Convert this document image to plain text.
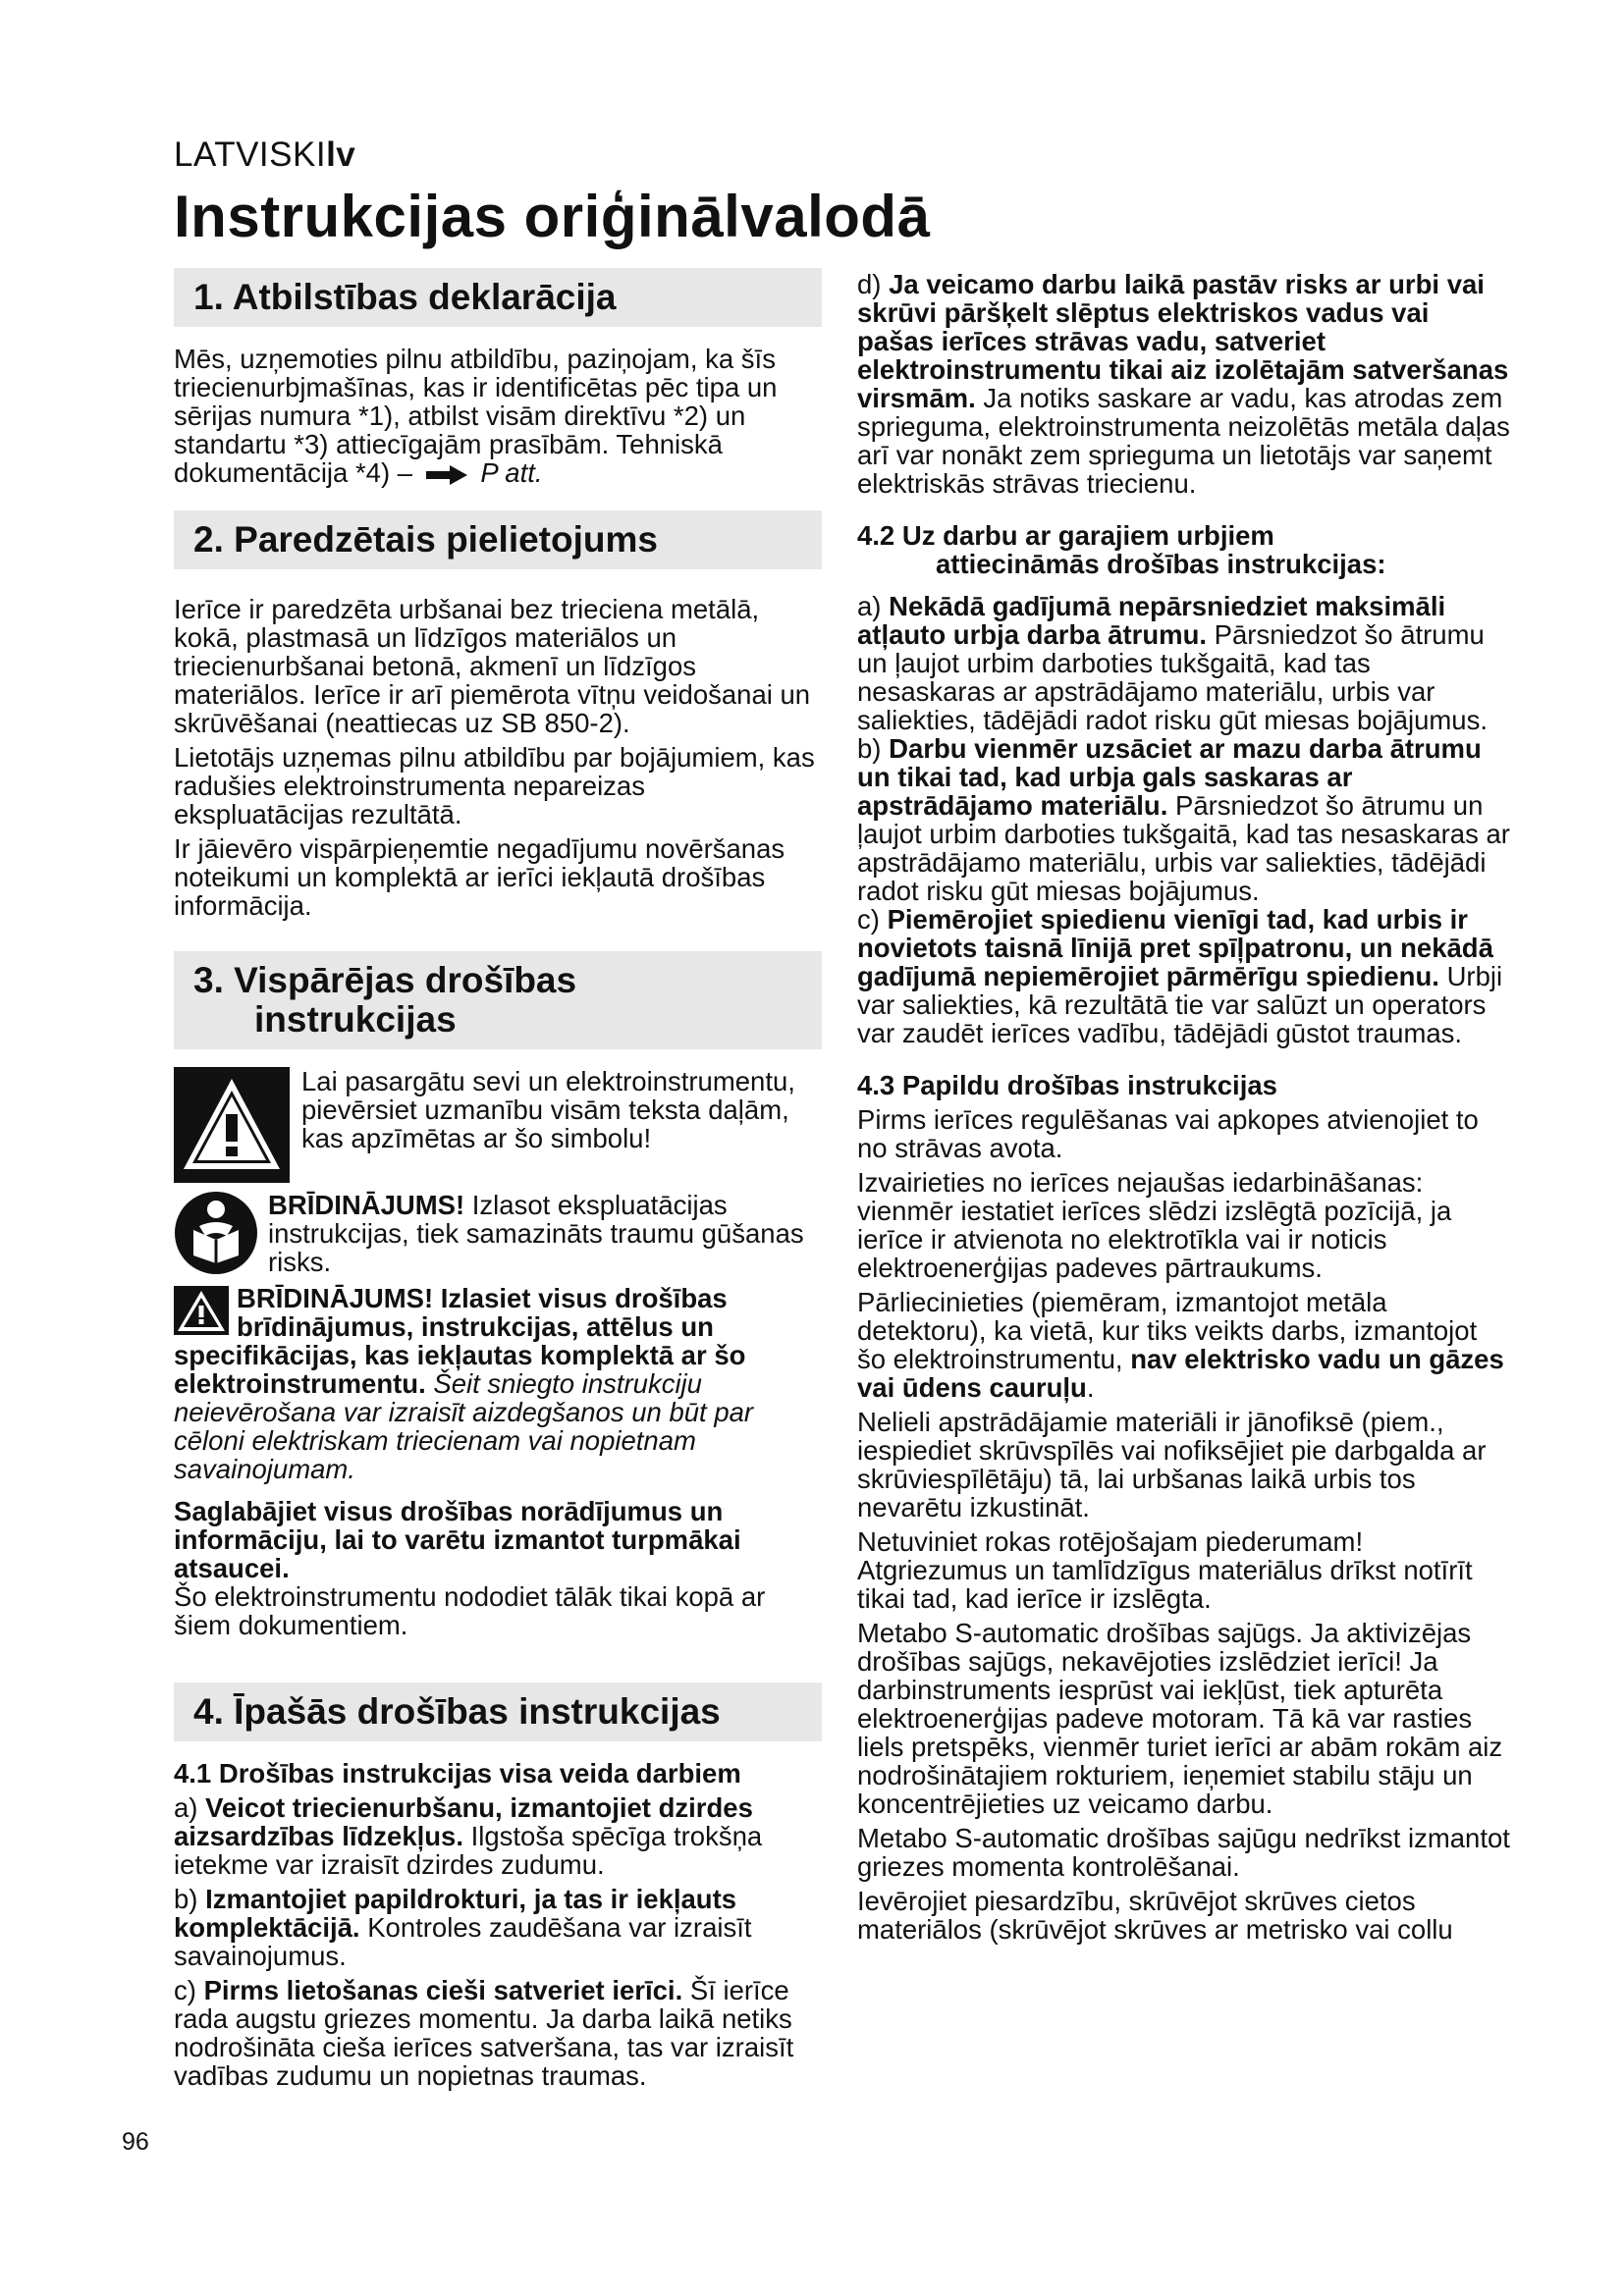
LATVISKIlv
Instrukcijas oriģinālvalodā
1. Atbilstības deklarācija

Mēs, uzņemoties pilnu atbildību, paziņojam, ka šīs triecienurbjmašīnas, kas ir identificētas pēc tipa un sērijas numura *1), atbilst visām direktīvu *2) un standartu *3) attiecīgajām prasībām. Tehniskā dokumentācija *4) –	P att.

2. Paredzētais pielietojums

Ierīce ir paredzēta urbšanai bez trieciena metālā, kokā, plastmasā un līdzīgos materiālos un triecienurbšanai betonā, akmenī un līdzīgos materiālos. Ierīce ir arī piemērota vītņu veidošanai un skrūvēšanai (neattiecas uz SB 850-2).

Lietotājs uzņemas pilnu atbildību par bojājumiem, kas radušies elektroinstrumenta nepareizas ekspluatācijas rezultātā.

Ir jāievēro vispārpieņemtie negadījumu novēršanas noteikumi un komplektā ar ierīci iekļautā drošības informācija.

3. Vispārējas drošības

instrukcijas
Lai pasargātu sevi un elektroinstrumentu, pievērsiet uzmanību visām teksta daļām, kas apzīmētas ar šo simbolu!
BRĪDINĀJUMS! Izlasot ekspluatācijas instrukcijas, tiek samazināts traumu gūšanas risks.

BRĪDINĀJUMS! Izlasiet visus drošības brīdinājumus, instrukcijas, attēlus un specifikācijas, kas iekļautas komplektā ar šo elektroinstrumentu. Šeit sniegto instrukciju neievērošana var izraisīt aizdegšanos un būt par cēloni elektriskam triecienam vai nopietnam savainojumam.

Saglabājiet visus drošības norādījumus un informāciju, lai to varētu izmantot turpmākai atsaucei.
Šo elektroinstrumentu nododiet tālāk tikai kopā ar šiem dokumentiem.

4. Īpašās drošības instrukcijas

4.1 Drošības instrukcijas visa veida darbiem

a) Veicot triecienurbšanu, izmantojiet dzirdes aizsardzības līdzekļus. Ilgstoša spēcīga trokšņa ietekme var izraisīt dzirdes zudumu.

b) Izmantojiet papildrokturi, ja tas ir iekļauts komplektācijā. Kontroles zaudēšana var izraisīt savainojumus.

c) Pirms lietošanas cieši satveriet ierīci. Šī ierīce rada augstu griezes momentu. Ja darba laikā netiks nodrošināta cieša ierīces satveršana, tas var izraisīt vadības zudumu un nopietnas traumas.

d) Ja veicamo darbu laikā pastāv risks ar urbi vai skrūvi pāršķelt slēptus elektriskos vadus vai pašas ierīces strāvas vadu, satveriet elektroinstrumentu tikai aiz izolētajām satveršanas virsmām. Ja notiks saskare ar vadu, kas atrodas zem sprieguma, elektroinstrumenta neizolētās metāla daļas arī var nonākt zem sprieguma un lietotājs var saņemt elektriskās strāvas triecienu.

4.2 Uz darbu ar garajiem urbjiem

attiecināmās drošības instrukcijas:

a) Nekādā gadījumā nepārsniedziet maksimāli atļauto urbja darba ātrumu. Pārsniedzot šo ātrumu un ļaujot urbim darboties tukšgaitā, kad tas nesaskaras ar apstrādājamo materiālu, urbis var saliekties, tādējādi radot risku gūt miesas bojājumus.

b) Darbu vienmēr uzsāciet ar mazu darba ātrumu un tikai tad, kad urbja gals saskaras ar apstrādājamo materiālu. Pārsniedzot šo ātrumu un ļaujot urbim darboties tukšgaitā, kad tas nesaskaras ar apstrādājamo materiālu, urbis var saliekties, tādējādi radot risku gūt miesas bojājumus.

c) Piemērojiet spiedienu vienīgi tad, kad urbis ir novietots taisnā līnijā pret spīļpatronu, un nekādā gadījumā nepiemērojiet pārmērīgu spiedienu. Urbji var saliekties, kā rezultātā tie var salūzt un operators var zaudēt ierīces vadību, tādējādi gūstot traumas.

4.3 Papildu drošības instrukcijas

Pirms ierīces regulēšanas vai apkopes atvienojiet to no strāvas avota.

Izvairieties no ierīces nejaušas iedarbināšanas: vienmēr iestatiet ierīces slēdzi izslēgtā pozīcijā, ja ierīce ir atvienota no elektrotīkla vai ir noticis elektroenerģijas padeves pārtraukums.

Pārliecinieties (piemēram, izmantojot metāla detektoru), ka vietā, kur tiks veikts darbs, izmantojot šo elektroinstrumentu, nav elektrisko vadu un gāzes vai ūdens cauruļu.

Nelieli apstrādājamie materiāli ir jānofiksē (piem., iespiediet skrūvspīlēs vai nofiksējiet pie darbgalda ar skrūviespīlētāju) tā, lai urbšanas laikā urbis tos nevarētu izkustināt.

Netuviniet rokas rotējošajam piederumam! Atgriezumus un tamlīdzīgus materiālus drīkst notīrīt tikai tad, kad ierīce ir izslēgta.

Metabo S-automatic drošības sajūgs. Ja aktivizējas drošības sajūgs, nekavējoties izslēdziet ierīci! Ja darbinstruments iesprūst vai iekļūst, tiek apturēta elektroenerģijas padeve motoram. Tā kā var rasties liels pretspēks, vienmēr turiet ierīci ar abām rokām aiz nodrošinātajiem rokturiem, ieņemiet stabilu stāju un koncentrējieties uz veicamo darbu.

Metabo S-automatic drošības sajūgu nedrīkst izmantot griezes momenta kontrolēšanai.

Ievērojiet piesardzību, skrūvējot skrūves cietos materiālos (skrūvējot skrūves ar metrisko vai collu

96
